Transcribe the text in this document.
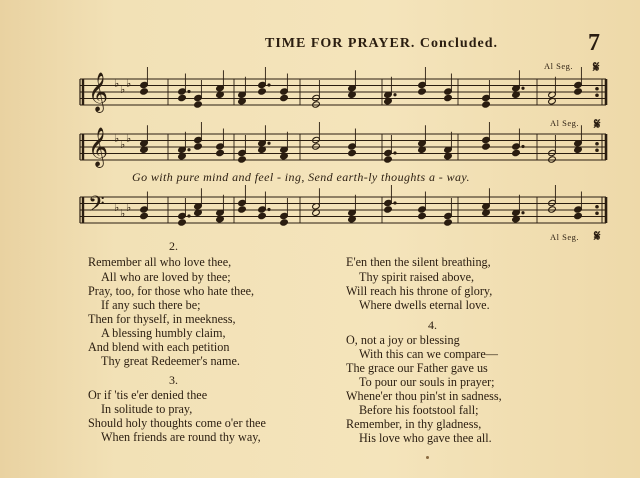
TIME FOR PRAYER. Concluded.	7
𝄞 ♭ ♭ ♭
𝄞 ♭ ♭ ♭
𝄢 ♭ ♭ ♭
Al Seg. 𝄋
Al Seg. 𝄋
Al Seg. 𝄋
Go with pure mind and feel - ing, Send earth-ly thoughts a - way.
2.
Remember all who love thee,
All who are loved by thee;
Pray, too, for those who hate thee,
If any such there be;
Then for thyself, in meekness,
A blessing humbly claim,
And blend with each petition
Thy great Redeemer's name.
3.
Or if 'tis e'er denied thee
In solitude to pray,
Should holy thoughts come o'er thee
When friends are round thy way,
E'en then the silent breathing,
Thy spirit raised above,
Will reach his throne of glory,
Where dwells eternal love.
4.
O, not a joy or blessing
With this can we compare—
The grace our Father gave us
To pour our souls in prayer;
Whene'er thou pin'st in sadness,
Before his footstool fall;
Remember, in thy gladness,
His love who gave thee all.
